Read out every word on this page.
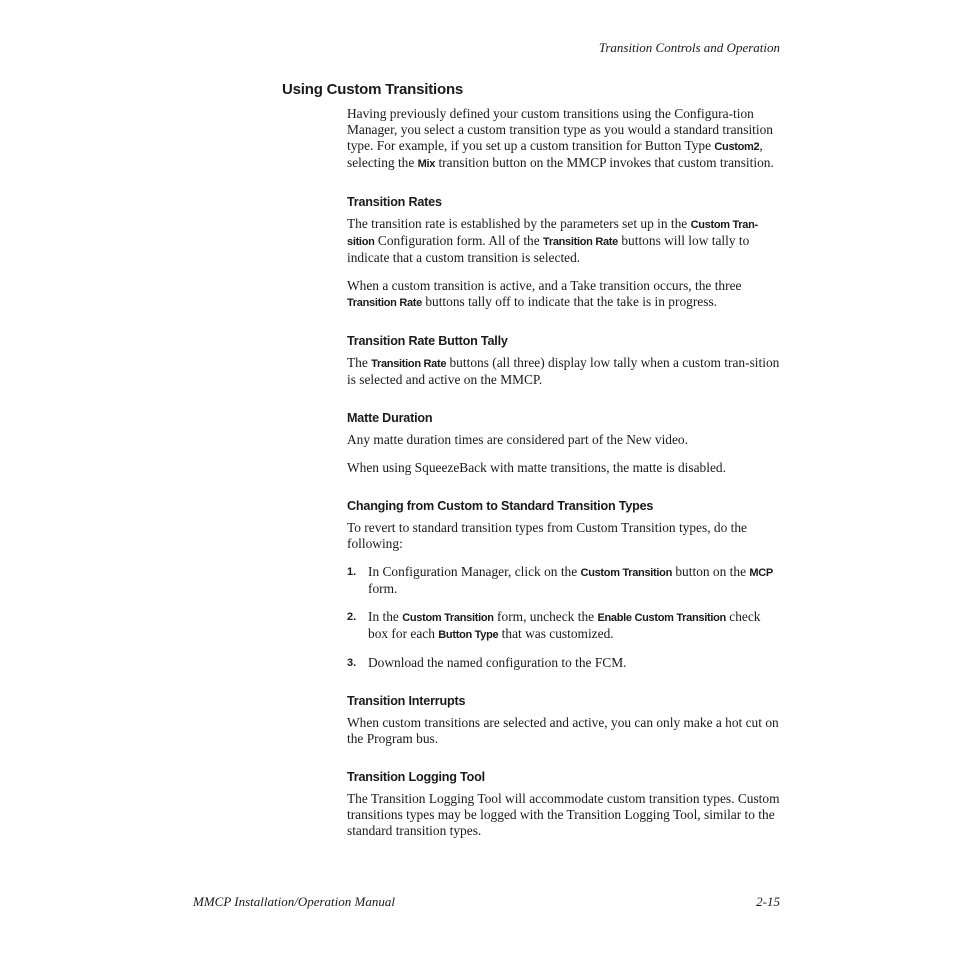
Transition Controls and Operation
Using Custom Transitions

Having previously defined your custom transitions using the Configura-tion Manager, you select a custom transition type as you would a standard transition type. For example, if you set up a custom transition for Button Type Custom2, selecting the Mix transition button on the MMCP invokes that custom transition.

Transition Rates

The transition rate is established by the parameters set up in the Custom Tran-sition Configuration form. All of the Transition Rate buttons will low tally to indicate that a custom transition is selected.

When a custom transition is active, and a Take transition occurs, the three Transition Rate buttons tally off to indicate that the take is in progress.

Transition Rate Button Tally

The Transition Rate buttons (all three) display low tally when a custom tran-sition is selected and active on the MMCP.

Matte Duration

Any matte duration times are considered part of the New video.

When using SqueezeBack with matte transitions, the matte is disabled.

Changing from Custom to Standard Transition Types

To revert to standard transition types from Custom Transition types, do the following:

1. In Configuration Manager, click on the Custom Transition button on the MCP form.
2. In the Custom Transition form, uncheck the Enable Custom Transition check box for each Button Type that was customized.
3. Download the named configuration to the FCM.
Transition Interrupts

When custom transitions are selected and active, you can only make a hot cut on the Program bus.

Transition Logging Tool

The Transition Logging Tool will accommodate custom transition types. Custom transitions types may be logged with the Transition Logging Tool, similar to the standard transition types.

MMCP Installation/Operation Manual	2-15
